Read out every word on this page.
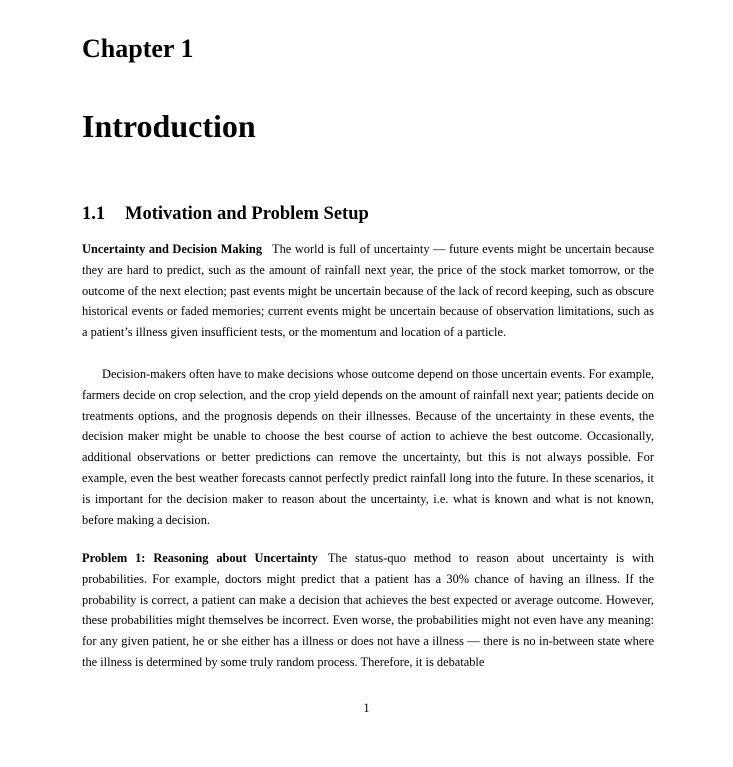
Chapter 1
Introduction
1.1 Motivation and Problem Setup

Uncertainty and Decision Making The world is full of uncertainty — future events might be uncertain because they are hard to predict, such as the amount of rainfall next year, the price of the stock market tomorrow, or the outcome of the next election; past events might be uncertain because of the lack of record keeping, such as obscure historical events or faded memories; current events might be uncertain because of observation limitations, such as a patient’s illness given insufficient tests, or the momentum and location of a particle.

Decision-makers often have to make decisions whose outcome depend on those uncertain events. For example, farmers decide on crop selection, and the crop yield depends on the amount of rainfall next year; patients decide on treatments options, and the prognosis depends on their illnesses. Because of the uncertainty in these events, the decision maker might be unable to choose the best course of action to achieve the best outcome. Occasionally, additional observations or better predictions can remove the uncertainty, but this is not always possible. For example, even the best weather forecasts cannot perfectly predict rainfall long into the future. In these scenarios, it is important for the decision maker to reason about the uncertainty, i.e. what is known and what is not known, before making a decision.

Problem 1: Reasoning about Uncertainty The status-quo method to reason about uncertainty is with probabilities. For example, doctors might predict that a patient has a 30% chance of having an illness. If the probability is correct, a patient can make a decision that achieves the best expected or average outcome. However, these probabilities might themselves be incorrect. Even worse, the probabilities might not even have any meaning: for any given patient, he or she either has a illness or does not have a illness — there is no in-between state where the illness is determined by some truly random process. Therefore, it is debatable

1
